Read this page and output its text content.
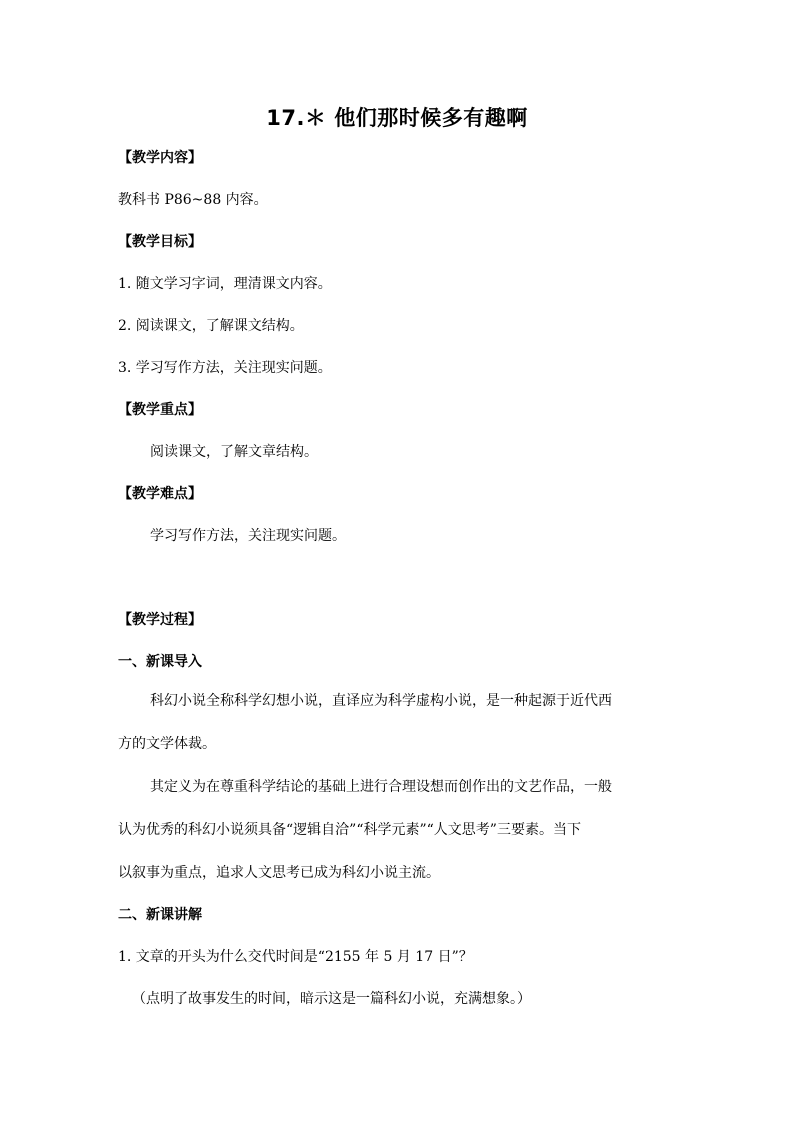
17.＊ 他们那时候多有趣啊
【教学内容】
教科书 P86~88 内容。
【教学目标】
1. 随文学习字词，理清课文内容。
2. 阅读课文，了解课文结构。
3. 学习写作方法，关注现实问题。
【教学重点】
阅读课文，了解文章结构。
【教学难点】
学习写作方法，关注现实问题。
【教学过程】
一、新课导入
科幻小说全称科学幻想小说，直译应为科学虚构小说，是一种起源于近代西
方的文学体裁。
其定义为在尊重科学结论的基础上进行合理设想而创作出的文艺作品，一般
认为优秀的科幻小说须具备“逻辑自洽”“科学元素”“人文思考”三要素。当下
以叙事为重点，追求人文思考已成为科幻小说主流。
二、新课讲解
1. 文章的开头为什么交代时间是“2155 年 5 月 17 日”？
（点明了故事发生的时间，暗示这是一篇科幻小说，充满想象。）
